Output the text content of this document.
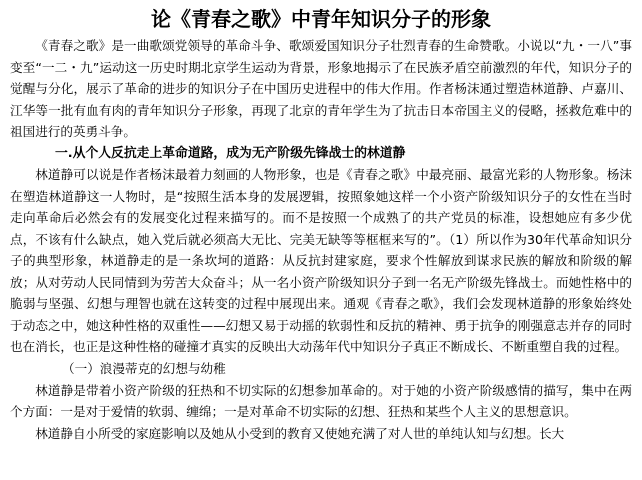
论《青春之歌》中青年知识分子的形象

《青春之歌》是一曲歌颂党领导的革命斗争、歌颂爱国知识分子壮烈青春的生命赞歌。小说以“九・一八”事变至“一二・九”运动这一历史时期北京学生运动为背景，形象地揭示了在民族矛盾空前激烈的年代，知识分子的觉醒与分化，展示了革命的进步的知识分子在中国历史进程中的伟大作用。作者杨沫通过塑造林道静、卢嘉川、江华等一批有血有肉的青年知识分子形象，再现了北京的青年学生为了抗击日本帝国主义的侵略，拯救危难中的祖国进行的英勇斗争。

一.从个人反抗走上革命道路，成为无产阶级先锋战士的林道静

林道静可以说是作者杨沫最着力刻画的人物形象，也是《青春之歌》中最亮丽、最富光彩的人物形象。杨沫在塑造林道静这一人物时，是“按照生活本身的发展逻辑，按照象她这样一个小资产阶级知识分子的女性在当时走向革命后必然会有的发展变化过程来描写的。而不是按照一个成熟了的共产党员的标准，设想她应有多少优点，不该有什么缺点，她入党后就必须高大无比、完美无缺等等框框来写的”。（1）所以作为30年代革命知识分子的典型形象，林道静走的是一条坎坷的道路：从反抗封建家庭，要求个性解放到谋求民族的解放和阶级的解放；从对劳动人民同情到为劳苦大众奋斗；从一名小资产阶级知识分子到一名无产阶级先锋战士。而她性格中的脆弱与坚强、幻想与理智也就在这转变的过程中展现出来。通观《青春之歌》，我们会发现林道静的形象始终处于动态之中，她这种性格的双重性——幻想又易于动摇的软弱性和反抗的精神、勇于抗争的刚强意志并存的同时也在消长，也正是这种性格的碰撞才真实的反映出大动荡年代中知识分子真正不断成长、不断重塑自我的过程。

（一）浪漫蒂克的幻想与幼稚

林道静是带着小资产阶级的狂热和不切实际的幻想参加革命的。对于她的小资产阶级感情的描写，集中在两个方面：一是对于爱情的软弱、缠绵；一是对革命不切实际的幻想、狂热和某些个人主义的思想意识。

林道静自小所受的家庭影响以及她从小受到的教育又使她充满了对人世的单纯认知与幻想。长大
